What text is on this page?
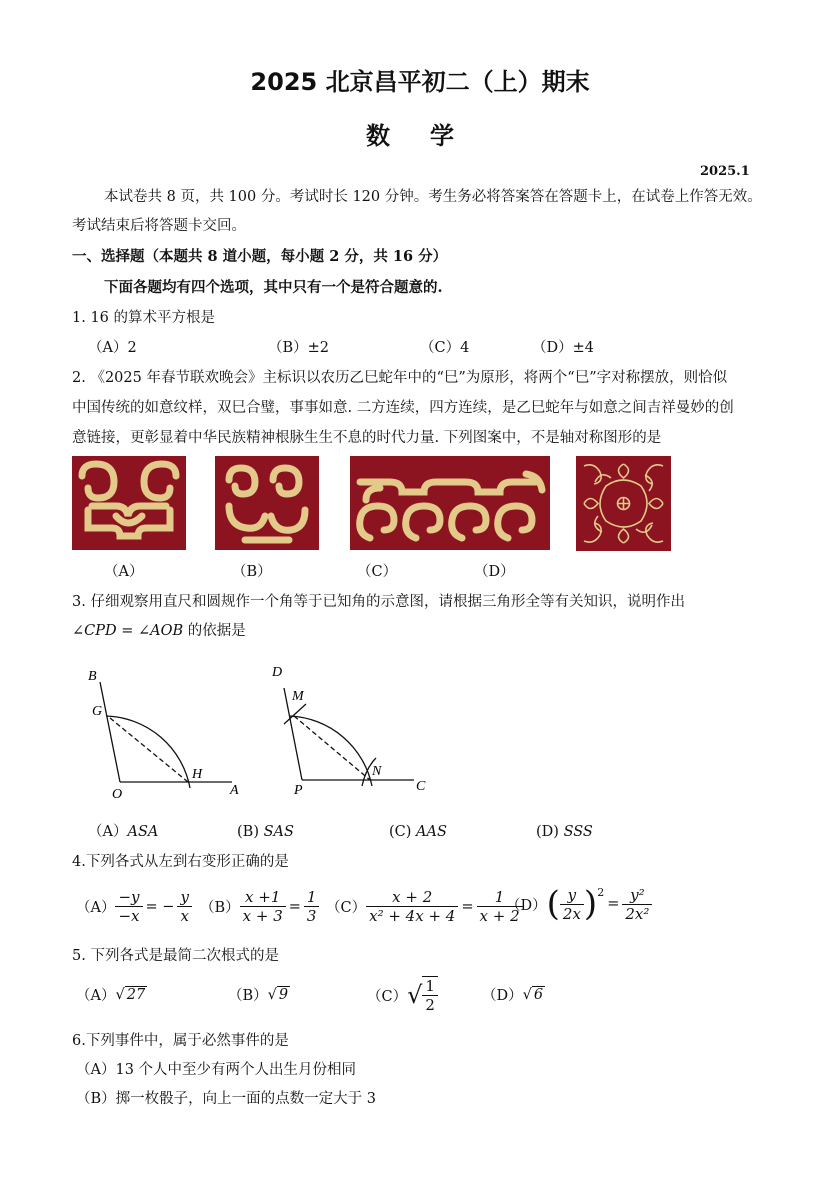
2025 北京昌平初二（上）期末
数学
2025.1
本试卷共 8 页，共 100 分。考试时长 120 分钟。考生务必将答案答在答题卡上，在试卷上作答无效。
考试结束后将答题卡交回。
一、选择题（本题共 8 道小题，每小题 2 分，共 16 分）
下面各题均有四个选项，其中只有一个是符合题意的.
1. 16 的算术平方根是
（A）2	（B）±2	（C）4	（D）±4
2. 《2025 年春节联欢晚会》主标识以农历乙巳蛇年中的“巳”为原形，将两个“巳”字对称摆放，则恰似
中国传统的如意纹样，双巳合璧，事事如意. 二方连续，四方连续，是乙巳蛇年与如意之间吉祥曼妙的创
意链接，更彰显着中华民族精神根脉生生不息的时代力量. 下列图案中，不是轴对称图形的是
（A）	（B）	（C）	（D）
3. 仔细观察用直尺和圆规作一个角等于已知角的示意图，请根据三角形全等有关知识，说明作出
∠CPD = ∠AOB 的依据是
B
G
H
O	A
D
M
N
P	C
（A）ASA	(B) SAS	(C) AAS	(D) SSS
4.下列各式从左到右变形正确的是
$(A) \frac{-y}{-x}$ = − $\frac{y}{x} (B) \frac{x +1}{x + 3} = \frac{1}{3} (C) \frac{x + 2}{\text{x² + 4x + 4}} = \frac{1}{x + 2}$
（D） ( $\frac{y}{2x} )^2$
= $\frac{\text{y²}}{\text{2x²}}$
5. 下列各式是最简二次根式的是
（A） √ 27	（B） √ 9	（C） √ $\frac{1}{2}$	（D） √ 6
6.下列事件中，属于必然事件的是
（A）13 个人中至少有两个人出生月份相同
（B）掷一枚骰子，向上一面的点数一定大于 3
